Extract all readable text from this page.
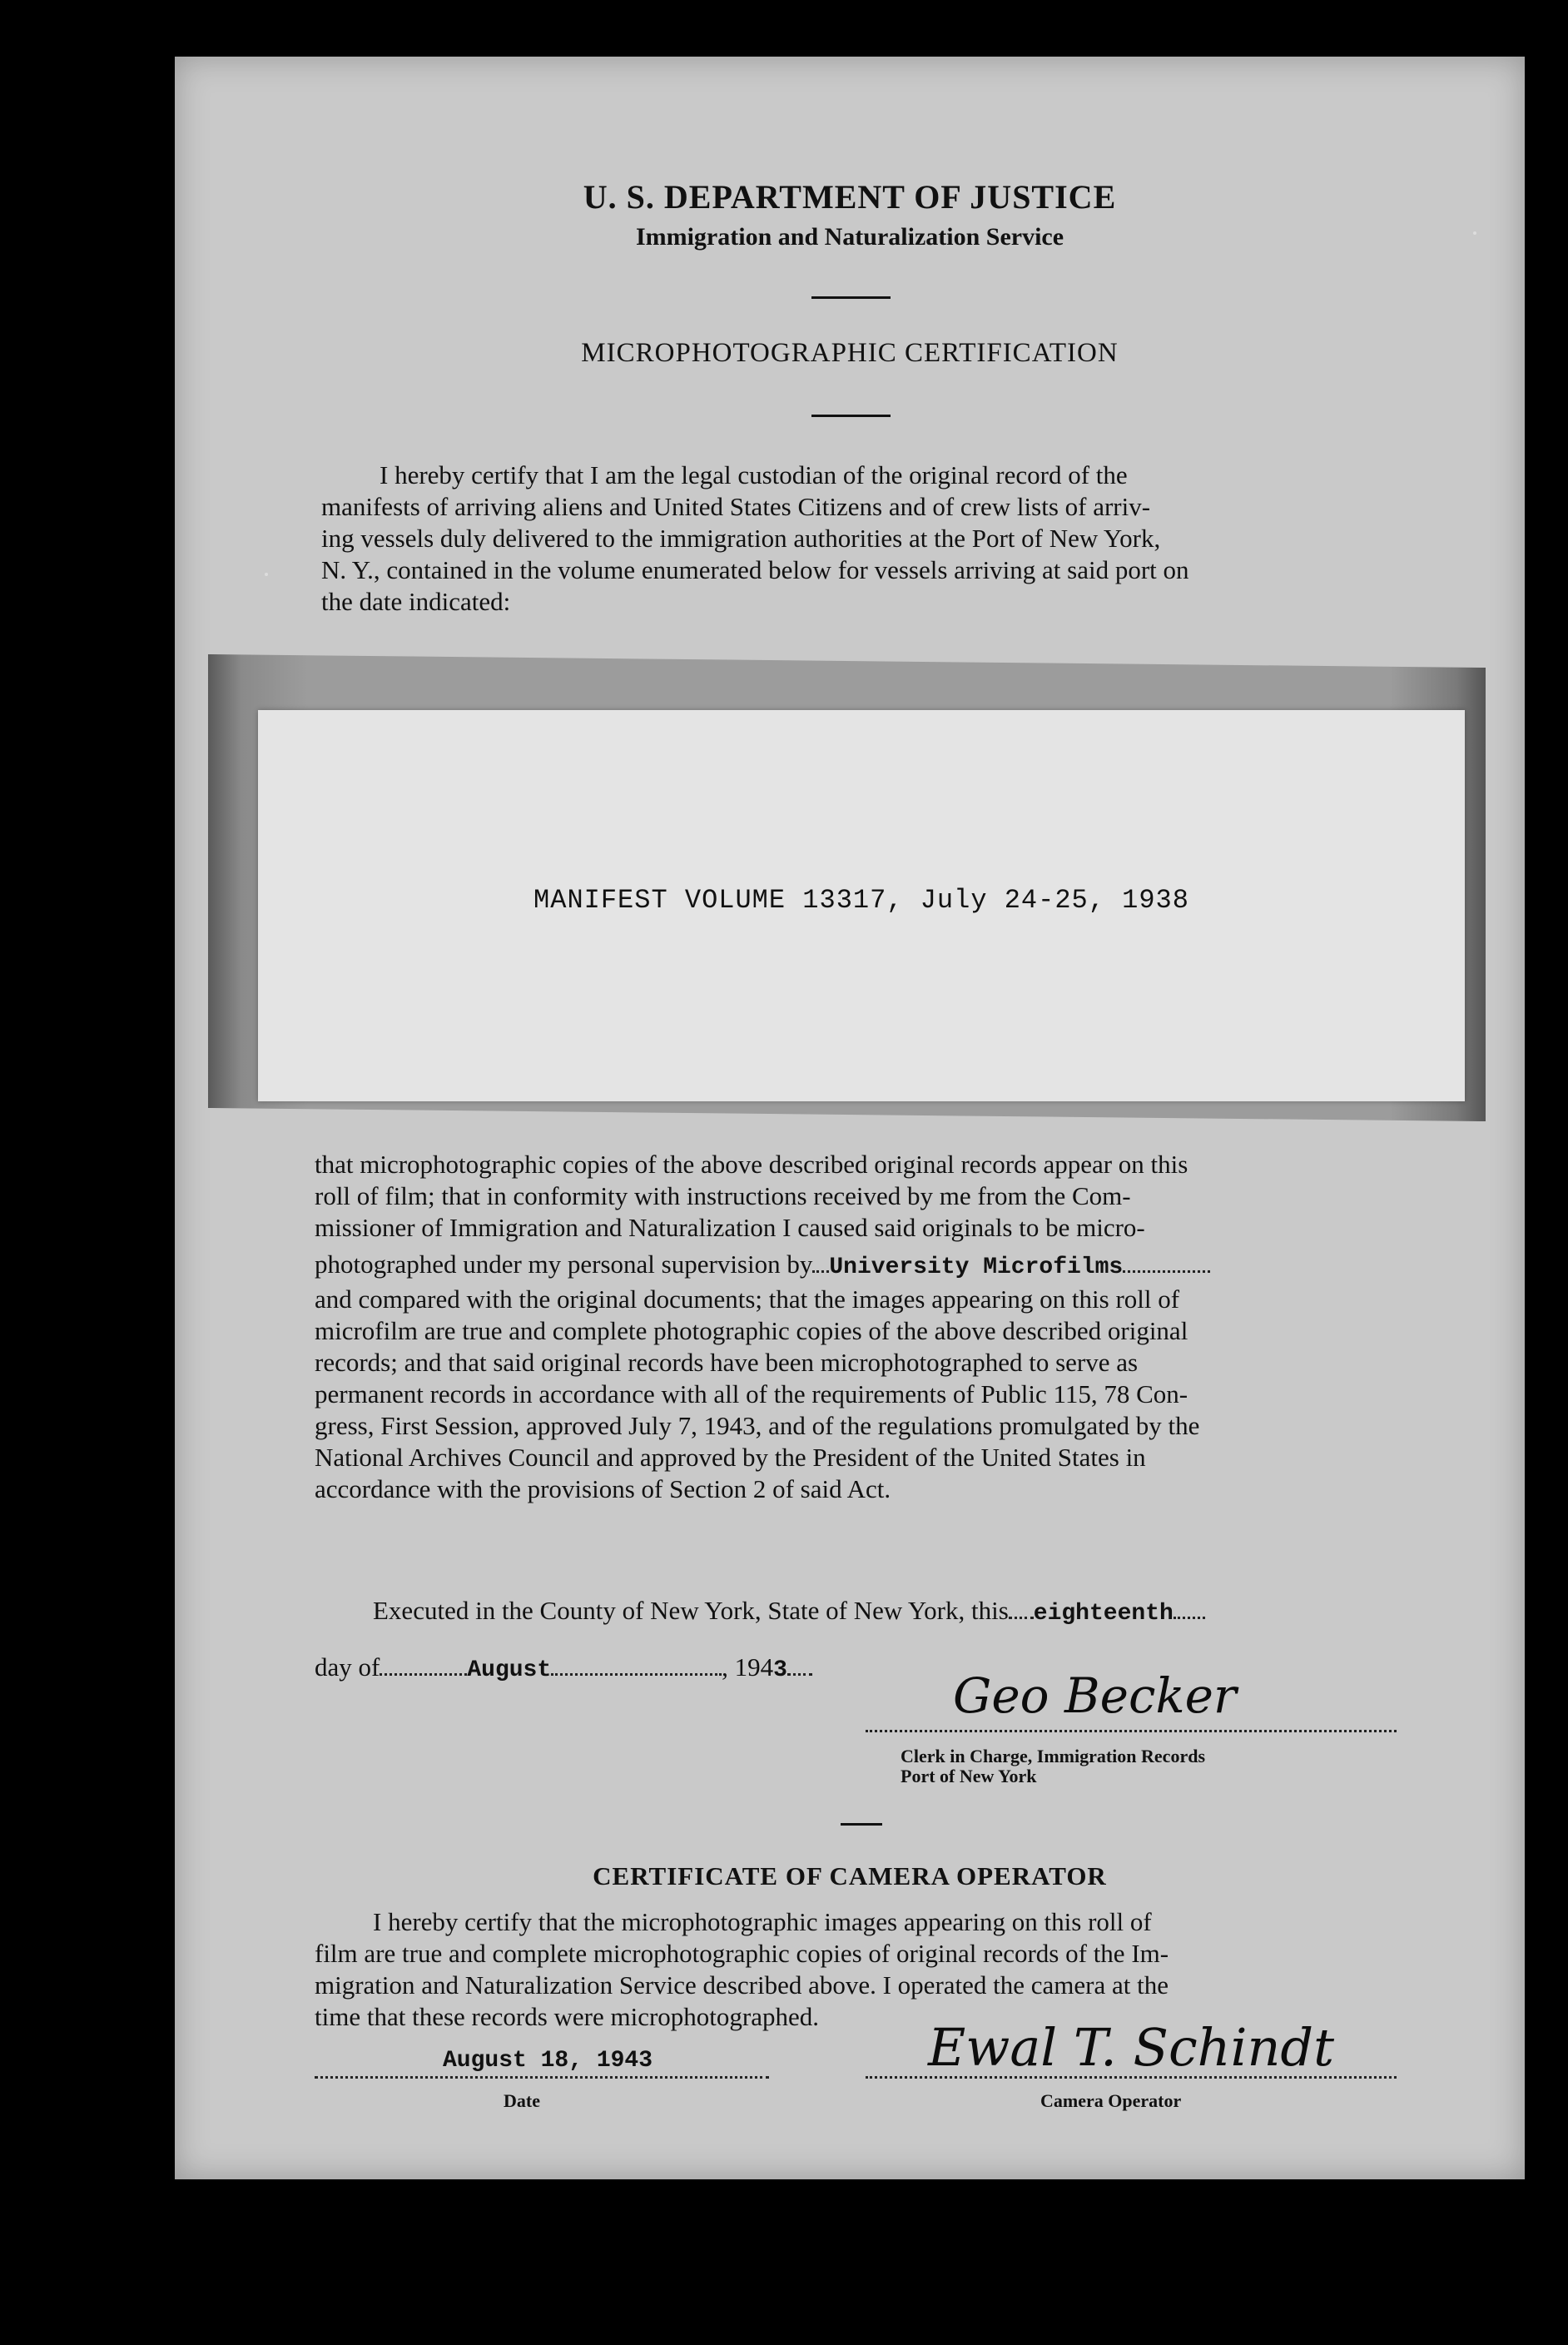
U. S. DEPARTMENT OF JUSTICE
Immigration and Naturalization Service
MICROPHOTOGRAPHIC CERTIFICATION

I hereby certify that I am the legal custodian of the original record of the

manifests of arriving aliens and United States Citizens and of crew lists of arriv-

ing vessels duly delivered to the immigration authorities at the Port of New York,

N. Y., contained in the volume enumerated below for vessels arriving at said port on

the date indicated:

MANIFEST VOLUME 13317, July 24-25, 1938

that microphotographic copies of the above described original records appear on this

roll of film; that in conformity with instructions received by me from the Com-

missioner of Immigration and Naturalization I caused said originals to be micro-

photographed under my personal supervision by University Microfilms

and compared with the original documents; that the images appearing on this roll of

microfilm are true and complete photographic copies of the above described original

records; and that said original records have been microphotographed to serve as

permanent records in accordance with all of the requirements of Public 115, 78 Con-

gress, First Session, approved July 7, 1943, and of the regulations promulgated by the

National Archives Council and approved by the President of the United States in

accordance with the provisions of Section 2 of said Act.

Executed in the County of New York, State of New York, this eighteenth
day of	August	, 1943	Geo Becker
Clerk in Charge, Immigration Records
Port of New York
CERTIFICATE OF CAMERA OPERATOR

I hereby certify that the microphotographic images appearing on this roll of

film are true and complete microphotographic copies of original records of the Im-

migration and Naturalization Service described above. I operated the camera at the

time that these records were microphotographed.

August 18, 1943
Date
Ewal T. Schindt
Camera Operator
